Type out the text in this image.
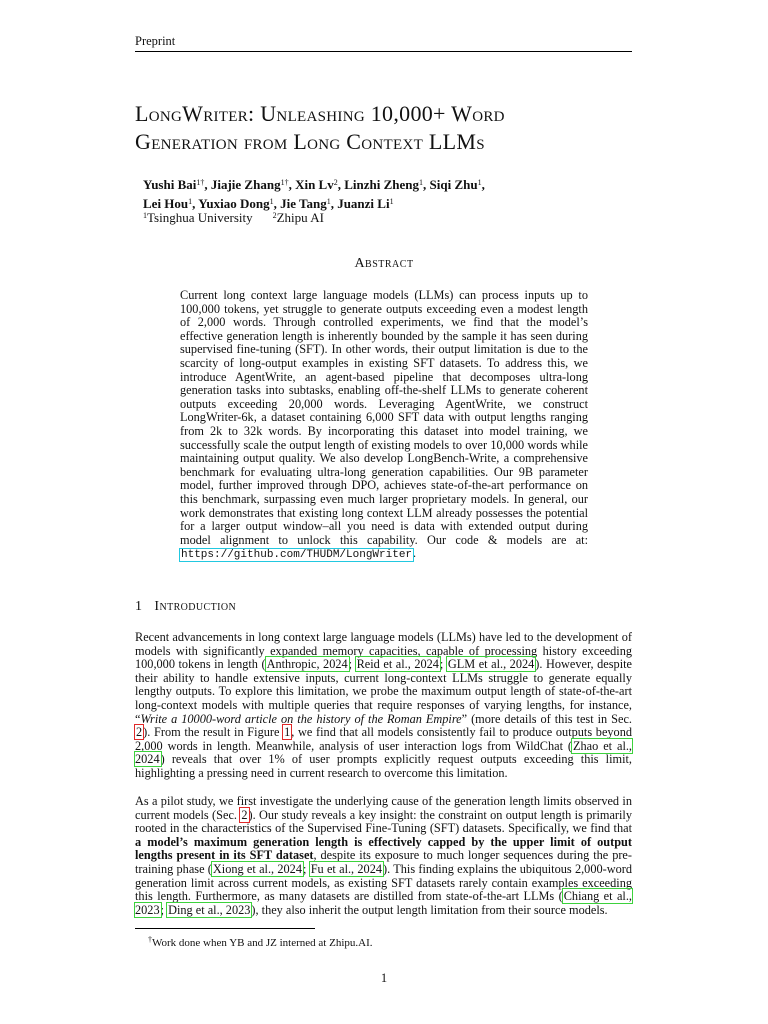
Preprint
LongWriter: Unleashing 10,000+ Word
Generation from Long Context LLMs
Yushi Bai$^{1\dagger}$, Jiajie Zhang$^{1\dagger}$, Xin Lv$^2$, Linzhi Zheng$^1$, Siqi Zhu$^1$,
Lei Hou$^1$, Yuxiao Dong$^1$, Jie Tang$^1$, Juanzi Li$^1$
$^1$Tsinghua University	$^2$Zhipu AI
Abstract
Current long context large language models (LLMs) can process inputs up to 100,000 tokens, yet struggle to generate outputs exceeding even a modest length of 2,000 words. Through controlled experiments, we find that the model’s effective generation length is inherently bounded by the sample it has seen during supervised fine-tuning (SFT). In other words, their output limitation is due to the scarcity of long-output examples in existing SFT datasets. To address this, we introduce AgentWrite, an agent-based pipeline that decomposes ultra-long generation tasks into subtasks, enabling off-the-shelf LLMs to generate coherent outputs exceeding 20,000 words. Leveraging AgentWrite, we construct LongWriter-6k, a dataset containing 6,000 SFT data with output lengths ranging from 2k to 32k words. By incorporating this dataset into model training, we successfully scale the output length of existing models to over 10,000 words while maintaining output quality. We also develop LongBench-Write, a comprehensive benchmark for evaluating ultra-long generation capabilities. Our 9B parameter model, further improved through DPO, achieves state-of-the-art performance on this benchmark, surpassing even much larger proprietary models. In general, our work demonstrates that existing long context LLM already possesses the potential for a larger output window–all you need is data with extended output during model alignment to unlock this capability. Our code & models are at: https://github.com/THUDM/LongWriter.
1 Introduction
Recent advancements in long context large language models (LLMs) have led to the development of models with significantly expanded memory capacities, capable of processing history exceeding 100,000 tokens in length (Anthropic, 2024; Reid et al., 2024; GLM et al., 2024). However, despite their ability to handle extensive inputs, current long-context LLMs struggle to generate equally lengthy outputs. To explore this limitation, we probe the maximum output length of state-of-the-art long-context models with multiple queries that require responses of varying lengths, for instance, “Write a 10000-word article on the history of the Roman Empire” (more details of this test in Sec. 2). From the result in Figure 1, we find that all models consistently fail to produce outputs beyond 2,000 words in length. Meanwhile, analysis of user interaction logs from WildChat (Zhao et al., 2024) reveals that over 1% of user prompts explicitly request outputs exceeding this limit, highlighting a pressing need in current research to overcome this limitation.
As a pilot study, we first investigate the underlying cause of the generation length limits observed in current models (Sec. 2). Our study reveals a key insight: the constraint on output length is primarily rooted in the characteristics of the Supervised Fine-Tuning (SFT) datasets. Specifically, we find that a model’s maximum generation length is effectively capped by the upper limit of output lengths present in its SFT dataset, despite its exposure to much longer sequences during the pre-training phase (Xiong et al., 2024; Fu et al., 2024). This finding explains the ubiquitous 2,000-word generation limit across current models, as existing SFT datasets rarely contain examples exceeding this length. Furthermore, as many datasets are distilled from state-of-the-art LLMs (Chiang et al., 2023; Ding et al., 2023), they also inherit the output length limitation from their source models.
†Work done when YB and JZ interned at Zhipu.AI.
1
